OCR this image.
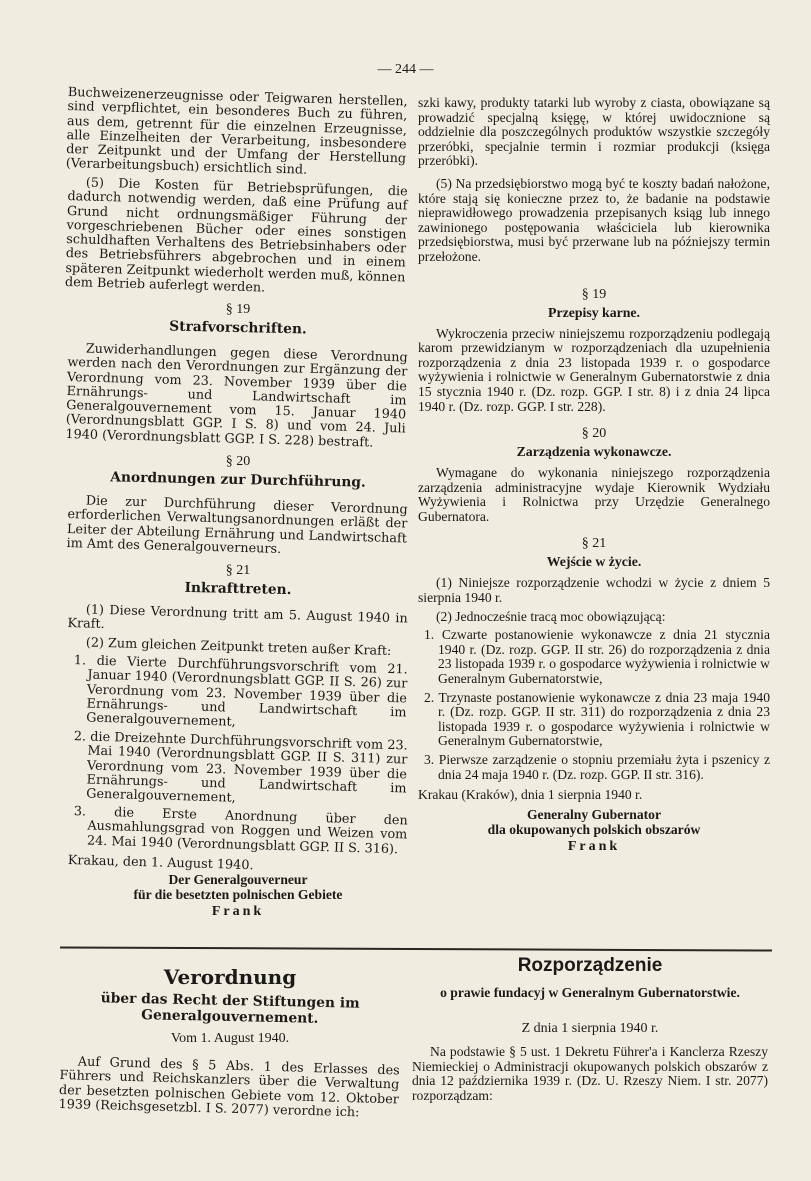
— 244 —

Buchweizenerzeugnisse oder Teigwaren herstellen, sind verpflichtet, ein besonderes Buch zu führen, aus dem, getrennt für die einzelnen Erzeugnisse, alle Einzelheiten der Verarbeitung, insbesondere der Zeitpunkt und der Umfang der Herstellung (Verarbeitungsbuch) ersichtlich sind.

(5) Die Kosten für Betriebsprüfungen, die dadurch notwendig werden, daß eine Prüfung auf Grund nicht ordnungsmäßiger Führung der vorgeschriebenen Bücher oder eines sonstigen schuldhaften Verhaltens des Betriebsinhabers oder des Betriebsführers abgebrochen und in einem späteren Zeitpunkt wiederholt werden muß, können dem Betrieb auferlegt werden.

§ 19
Strafvorschriften.

Zuwiderhandlungen gegen diese Verordnung werden nach den Verordnungen zur Ergänzung der Verordnung vom 23. November 1939 über die Ernährungs- und Landwirtschaft im Generalgouvernement vom 15. Januar 1940 (Verordnungsblatt GGP. I S. 8) und vom 24. Juli 1940 (Verordnungsblatt GGP. I S. 228) bestraft.

§ 20
Anordnungen zur Durchführung.

Die zur Durchführung dieser Verordnung erforderlichen Verwaltungsanordnungen erläßt der Leiter der Abteilung Ernährung und Landwirtschaft im Amt des Generalgouverneurs.

§ 21
Inkrafttreten.

(1) Diese Verordnung tritt am 5. August 1940 in Kraft.

(2) Zum gleichen Zeitpunkt treten außer Kraft:

1. die Vierte Durchführungsvorschrift vom 21. Januar 1940 (Verordnungsblatt GGP. II S. 26) zur Verordnung vom 23. November 1939 über die Ernährungs- und Landwirtschaft im Generalgouvernement,

2. die Dreizehnte Durchführungsvorschrift vom 23. Mai 1940 (Verordnungsblatt GGP. II S. 311) zur Verordnung vom 23. November 1939 über die Ernährungs- und Landwirtschaft im Generalgouvernement,

3. die Erste Anordnung über den Ausmahlungsgrad von Roggen und Weizen vom 24. Mai 1940 (Verordnungsblatt GGP. II S. 316).

Krakau, den 1. August 1940.

Der Generalgouverneur
für die besetzten polnischen Gebiete
Frank

szki kawy, produkty tatarki lub wyroby z ciasta, obowiązane są prowadzić specjalną księgę, w której uwidocznione są oddzielnie dla poszczególnych produktów wszystkie szczegóły przeróbki, specjalnie termin i rozmiar produkcji (księga przeróbki).

(5) Na przedsiębiorstwo mogą być te koszty badań nałożone, które stają się konieczne przez to, że badanie na podstawie nieprawidłowego prowadzenia przepisanych ksiąg lub innego zawinionego postępowania właściciela lub kierownika przedsiębiorstwa, musi być przerwane lub na późniejszy termin przełożone.

§ 19
Przepisy karne.

Wykroczenia przeciw niniejszemu rozporządzeniu podlegają karom przewidzianym w rozporządzeniach dla uzupełnienia rozporządzenia z dnia 23 listopada 1939 r. o gospodarce wyżywienia i rolnictwie w Generalnym Gubernatorstwie z dnia 15 stycznia 1940 r. (Dz. rozp. GGP. I str. 8) i z dnia 24 lipca 1940 r. (Dz. rozp. GGP. I str. 228).

§ 20
Zarządzenia wykonawcze.

Wymagane do wykonania niniejszego rozporządzenia zarządzenia administracyjne wydaje Kierownik Wydziału Wyżywienia i Rolnictwa przy Urzędzie Generalnego Gubernatora.

§ 21
Wejście w życie.

(1) Niniejsze rozporządzenie wchodzi w życie z dniem 5 sierpnia 1940 r.

(2) Jednocześnie tracą moc obowiązującą:

1. Czwarte postanowienie wykonawcze z dnia 21 stycznia 1940 r. (Dz. rozp. GGP. II str. 26) do rozporządzenia z dnia 23 listopada 1939 r. o gospodarce wyżywienia i rolnictwie w Generalnym Gubernatorstwie,

2. Trzynaste postanowienie wykonawcze z dnia 23 maja 1940 r. (Dz. rozp. GGP. II str. 311) do rozporządzenia z dnia 23 listopada 1939 r. o gospodarce wyżywienia i rolnictwie w Generalnym Gubernatorstwie,

3. Pierwsze zarządzenie o stopniu przemiału żyta i pszenicy z dnia 24 maja 1940 r. (Dz. rozp. GGP. II str. 316).

Krakau (Kraków), dnia 1 sierpnia 1940 r.

Generalny Gubernator
dla okupowanych polskich obszarów
Frank
Verordnung
über das Recht der Stiftungen im Generalgouvernement.
Vom 1. August 1940.

Auf Grund des § 5 Abs. 1 des Erlasses des Führers und Reichskanzlers über die Verwaltung der besetzten polnischen Gebiete vom 12. Oktober 1939 (Reichsgesetzbl. I S. 2077) verordne ich:

Rozporządzenie
o prawie fundacyj w Generalnym Gubernatorstwie.
Z dnia 1 sierpnia 1940 r.

Na podstawie § 5 ust. 1 Dekretu Führer'a i Kanclerza Rzeszy Niemieckiej o Administracji okupowanych polskich obszarów z dnia 12 października 1939 r. (Dz. U. Rzeszy Niem. I str. 2077) rozporządzam:
